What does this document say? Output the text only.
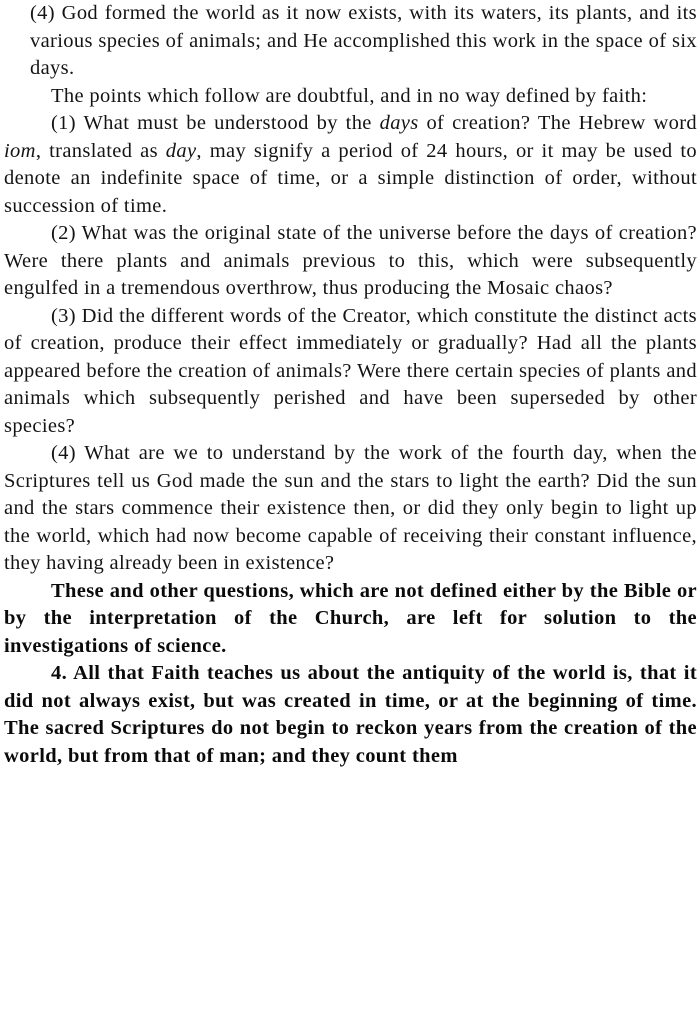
(4) God formed the world as it now exists, with its waters, its plants, and its various species of animals; and He accomplished this work in the space of six days.

The points which follow are doubtful, and in no way defined by faith:

(1) What must be understood by the days of creation? The Hebrew word iom, translated as day, may signify a period of 24 hours, or it may be used to denote an indefinite space of time, or a simple distinction of order, without succession of time.

(2) What was the original state of the universe before the days of creation? Were there plants and animals previous to this, which were subsequently engulfed in a tremendous overthrow, thus producing the Mosaic chaos?

(3) Did the different words of the Creator, which constitute the distinct acts of creation, produce their effect immediately or gradually? Had all the plants appeared before the creation of animals? Were there certain species of plants and animals which subsequently perished and have been superseded by other species?

(4) What are we to understand by the work of the fourth day, when the Scriptures tell us God made the sun and the stars to light the earth? Did the sun and the stars commence their existence then, or did they only begin to light up the world, which had now become capable of receiving their constant influence, they having already been in existence?

These and other questions, which are not defined either by the Bible or by the interpretation of the Church, are left for solution to the investigations of science.

4. All that Faith teaches us about the antiquity of the world is, that it did not always exist, but was created in time, or at the beginning of time. The sacred Scriptures do not begin to reckon years from the creation of the world, but from that of man; and they count them
